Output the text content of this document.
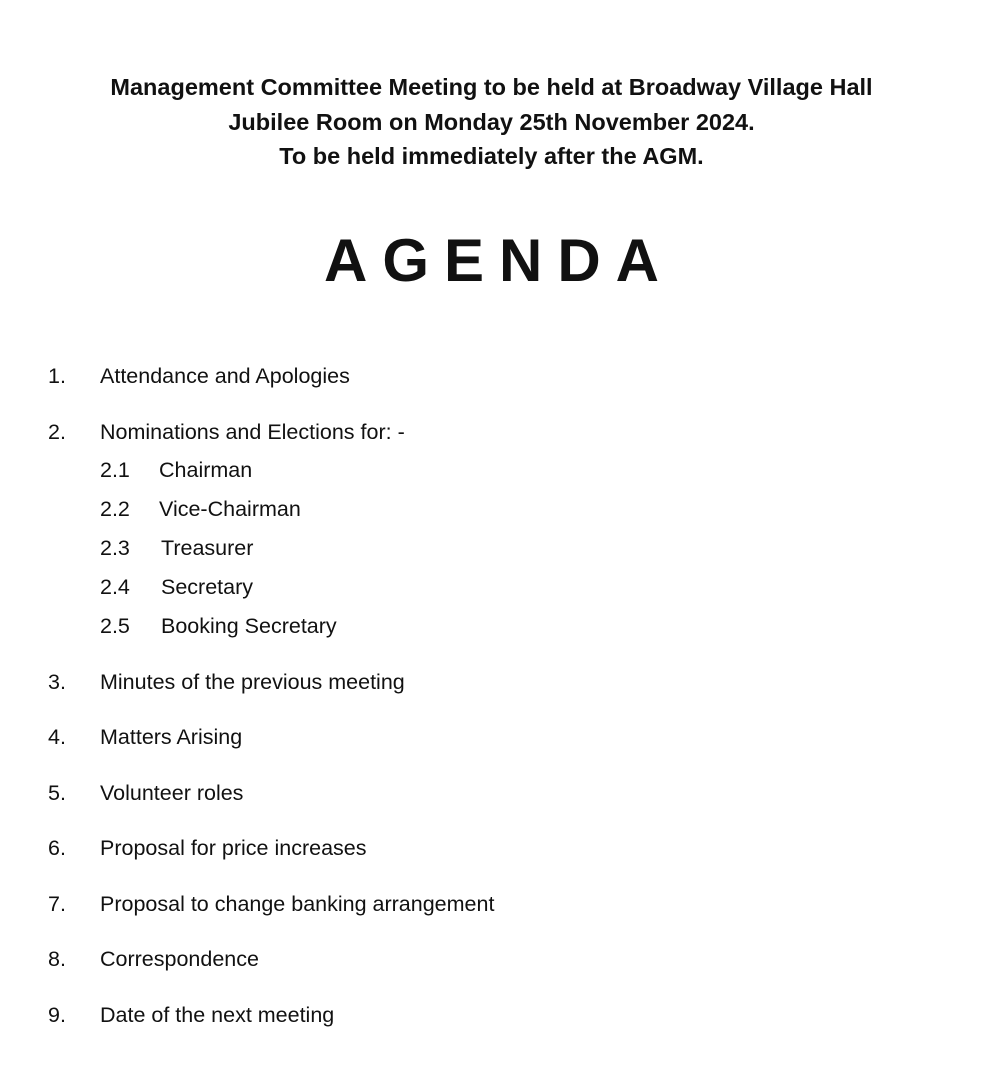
Management Committee Meeting to be held at Broadway Village Hall
Jubilee Room on Monday 25th November 2024.
To be held immediately after the AGM.
AGENDA
1. Attendance and Apologies
2. Nominations and Elections for: -
2.1 Chairman
2.2 Vice-Chairman
2.3 Treasurer
2.4 Secretary
2.5 Booking Secretary
3. Minutes of the previous meeting
4. Matters Arising
5. Volunteer roles
6. Proposal for price increases
7. Proposal to change banking arrangement
8. Correspondence
9. Date of the next meeting
